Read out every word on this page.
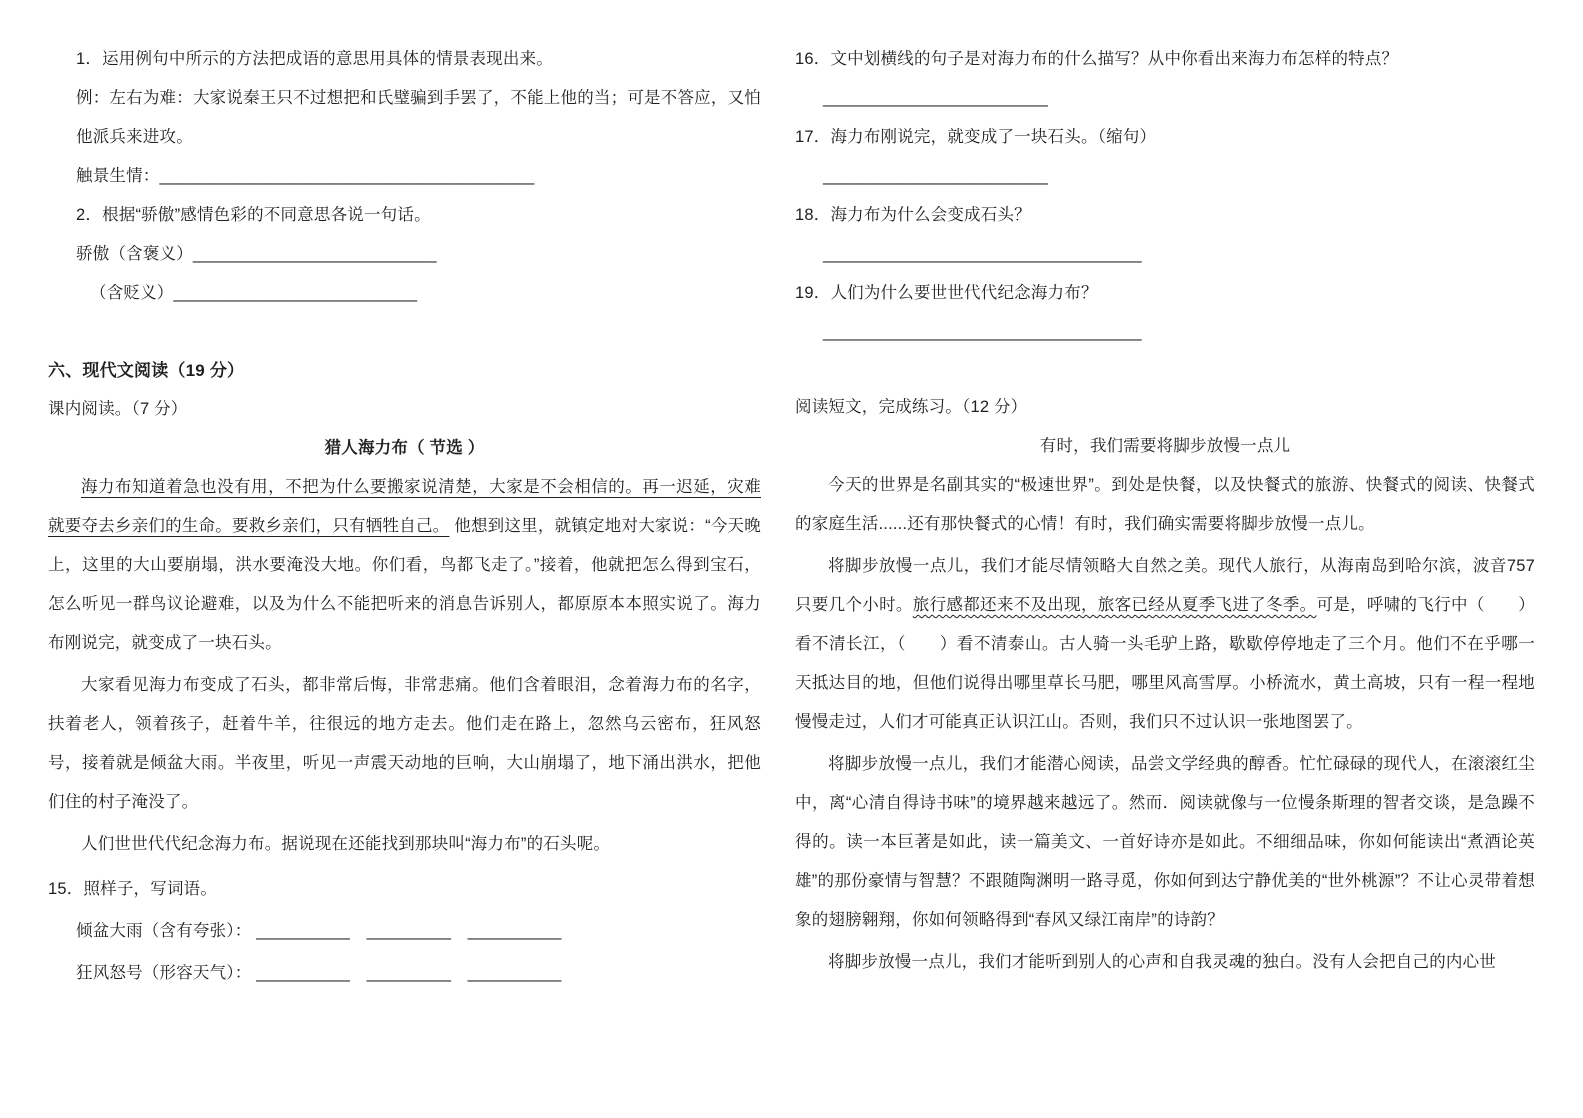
1．运用例句中所示的方法把成语的意思用具体的情景表现出来。

例：左右为难：大家说秦王只不过想把和氏璧骗到手罢了，不能上他的当；可是不答应，又怕他派兵来进攻。

触景生情：________________________________________

2．根据“骄傲”感情色彩的不同意思各说一句话。

骄傲（含褒义）__________________________

（含贬义）__________________________

六、现代文阅读（19 分）

课内阅读。（7 分）

猎人海力布（ 节选 ）

海力布知道着急也没有用，不把为什么要搬家说清楚，大家是不会相信的。再一迟延，灾难就要夺去乡亲们的生命。要救乡亲们，只有牺牲自己。 他想到这里，就镇定地对大家说：“今天晚上，这里的大山要崩塌，洪水要淹没大地。你们看，鸟都飞走了。”接着，他就把怎么得到宝石，怎么听见一群鸟议论避难，以及为什么不能把听来的消息告诉别人，都原原本本照实说了。海力布刚说完，就变成了一块石头。

大家看见海力布变成了石头，都非常后悔，非常悲痛。他们含着眼泪，念着海力布的名字，扶着老人，领着孩子，赶着牛羊，往很远的地方走去。他们走在路上，忽然乌云密布，狂风怒号，接着就是倾盆大雨。半夜里，听见一声震天动地的巨响，大山崩塌了，地下涌出洪水，把他们住的村子淹没了。

人们世世代代纪念海力布。据说现在还能找到那块叫“海力布”的石头呢。

15．照样子，写词语。

倾盆大雨（含有夸张）： __________　_________　__________

狂风怒号（形容天气）： __________　_________　__________

16．文中划横线的句子是对海力布的什么描写？从中你看出来海力布怎样的特点？

________________________

17．海力布刚说完，就变成了一块石头。（缩句）

________________________

18．海力布为什么会变成石头？

__________________________________

19．人们为什么要世世代代纪念海力布？

__________________________________

阅读短文，完成练习。（12 分）

有时，我们需要将脚步放慢一点儿

今天的世界是名副其实的“极速世界”。到处是快餐，以及快餐式的旅游、快餐式的阅读、快餐式的家庭生活......还有那快餐式的心情！有时，我们确实需要将脚步放慢一点儿。

将脚步放慢一点儿，我们才能尽情领略大自然之美。现代人旅行，从海南岛到哈尔滨，波音757 只要几个小时。旅行感都还来不及出现，旅客已经从夏季飞进了冬季。可是，呼啸的飞行中（　　）看不清长江，（　　）看不清泰山。古人骑一头毛驴上路，歇歇停停地走了三个月。他们不在乎哪一天抵达目的地，但他们说得出哪里草长马肥，哪里风高雪厚。小桥流水，黄土高坡，只有一程一程地慢慢走过，人们才可能真正认识江山。否则，我们只不过认识一张地图罢了。

将脚步放慢一点儿，我们才能潜心阅读，品尝文学经典的醇香。忙忙碌碌的现代人，在滚滚红尘中，离“心清自得诗书味”的境界越来越远了。然而．阅读就像与一位慢条斯理的智者交谈，是急躁不得的。读一本巨著是如此，读一篇美文、一首好诗亦是如此。不细细品味，你如何能读出“煮酒论英雄”的那份豪情与智慧？不跟随陶渊明一路寻觅，你如何到达宁静优美的“世外桃源”？不让心灵带着想象的翅膀翱翔，你如何领略得到“春风又绿江南岸”的诗韵？

将脚步放慢一点儿，我们才能听到别人的心声和自我灵魂的独白。没有人会把自己的内心世
